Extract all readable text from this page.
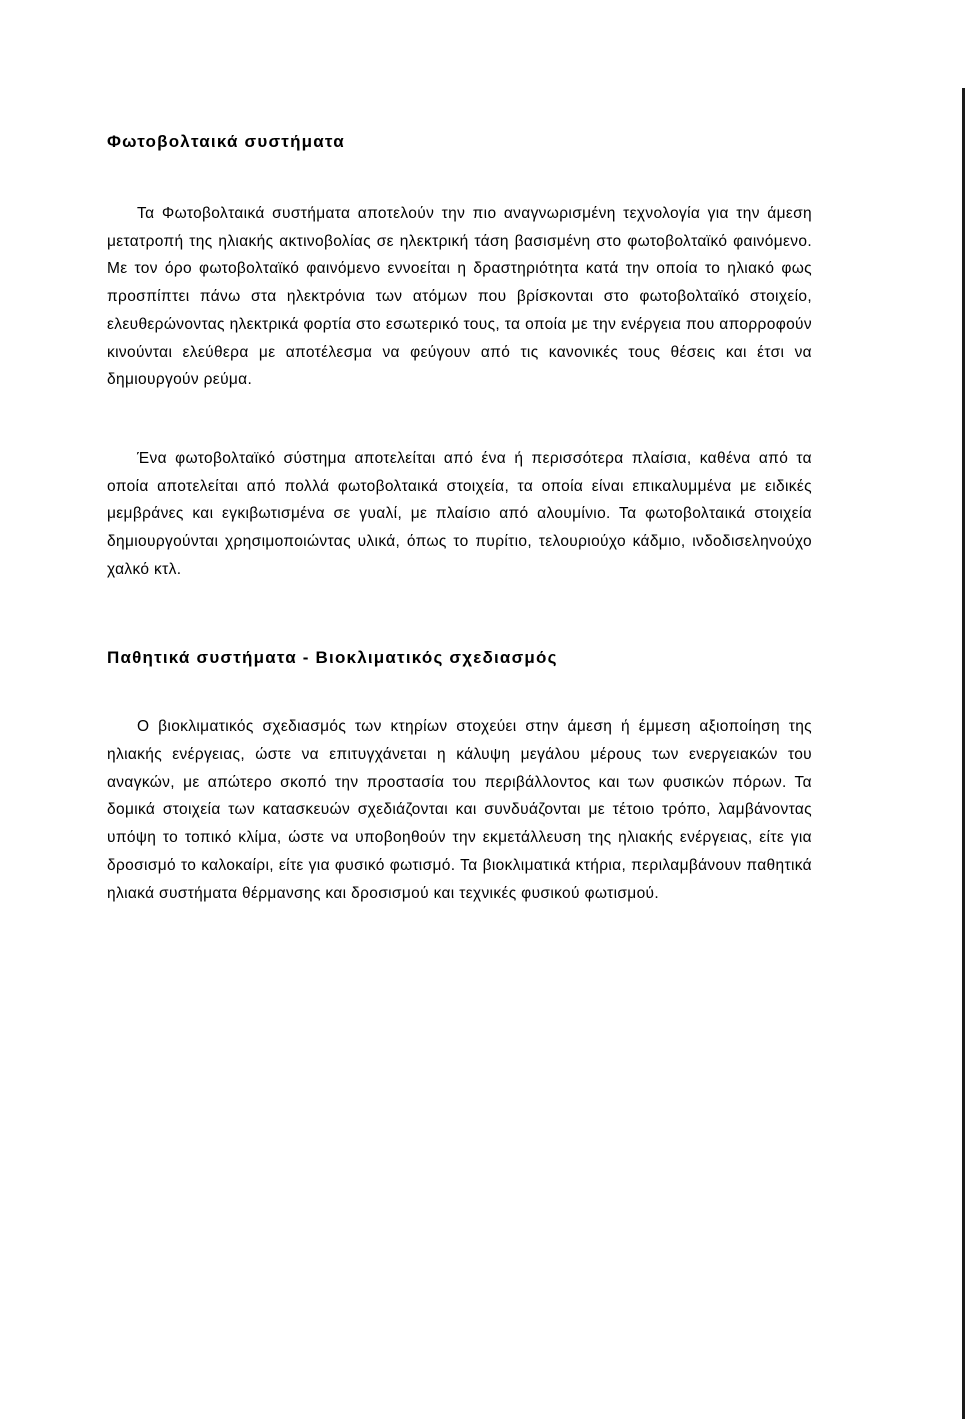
Φωτοβολταικά συστήματα

Τα Φωτοβολταικά συστήματα αποτελούν την πιο αναγνωρισμένη τεχνολογία για την άμεση μετατροπή της ηλιακής ακτινοβολίας σε ηλεκτρική τάση βασισμένη στο φωτοβολταϊκό φαινόμενο. Με τον όρο φωτοβολταϊκό φαινόμενο εννοείται η δραστηριότητα κατά την οποία το ηλιακό φως προσπίπτει πάνω στα ηλεκτρόνια των ατόμων που βρίσκονται στο φωτοβολταϊκό στοιχείο, ελευθερώνοντας ηλεκτρικά φορτία στο εσωτερικό τους, τα οποία με την ενέργεια που απορροφούν κινούνται ελεύθερα με αποτέλεσμα να φεύγουν από τις κανονικές τους θέσεις και έτσι να δημιουργούν ρεύμα.

Ένα φωτοβολταϊκό σύστημα αποτελείται από ένα ή περισσότερα πλαίσια, καθένα από τα οποία αποτελείται από πολλά φωτοβολταικά στοιχεία, τα οποία είναι επικαλυμμένα με ειδικές μεμβράνες και εγκιβωτισμένα σε γυαλί, με πλαίσιο από αλουμίνιο. Τα φωτοβολταικά στοιχεία δημιουργούνται χρησιμοποιώντας υλικά, όπως το πυρίτιο, τελουριούχο κάδμιο, ινδοδισεληνούχο χαλκό κτλ.

Παθητικά συστήματα - Βιοκλιματικός σχεδιασμός

Ο βιοκλιματικός σχεδιασμός των κτηρίων στοχεύει στην άμεση ή έμμεση αξιοποίηση της ηλιακής ενέργειας, ώστε να επιτυγχάνεται η κάλυψη μεγάλου μέρους των ενεργειακών του αναγκών, με απώτερο σκοπό την προστασία του περιβάλλοντος και των φυσικών πόρων. Τα δομικά στοιχεία των κατασκευών σχεδιάζονται και συνδυάζονται με τέτοιο τρόπο, λαμβάνοντας υπόψη το τοπικό κλίμα, ώστε να υποβοηθούν την εκμετάλλευση της ηλιακής ενέργειας, είτε για δροσισμό το καλοκαίρι, είτε για φυσικό φωτισμό. Τα βιοκλιματικά κτήρια, περιλαμβάνουν παθητικά ηλιακά συστήματα θέρμανσης και δροσισμού και τεχνικές φυσικού φωτισμού.
